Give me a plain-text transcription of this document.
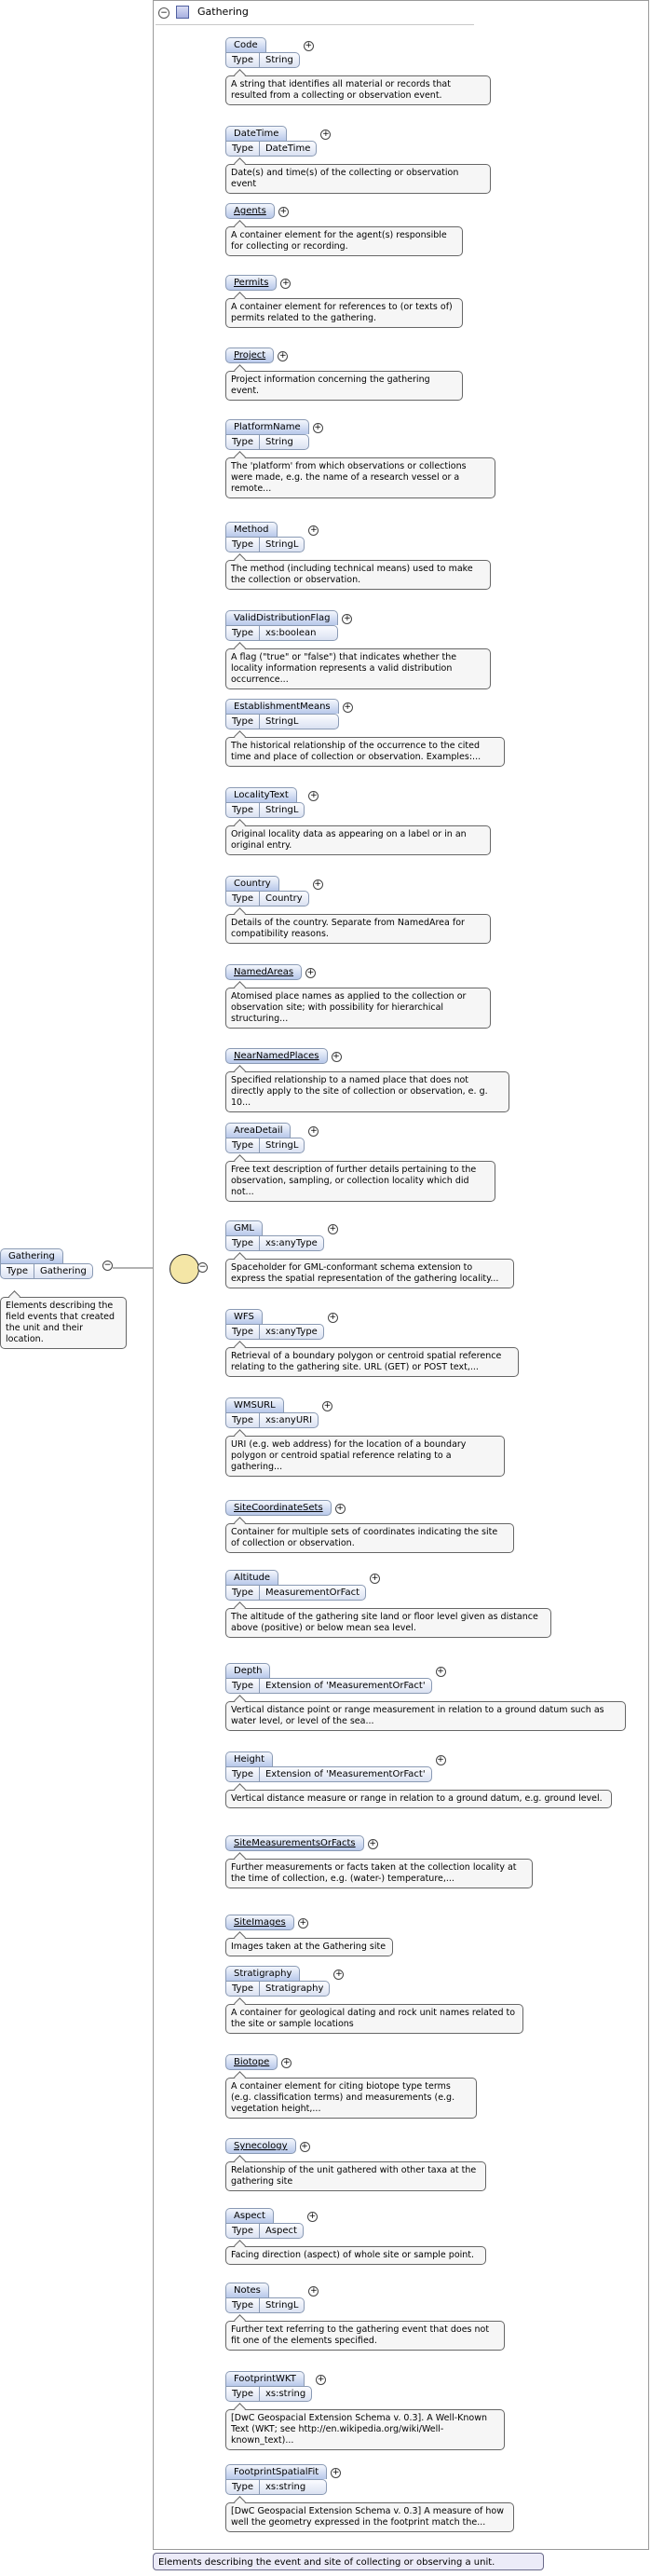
−	Gathering
Gathering
Type	Gathering
−
Elements describing the field events that created the unit and their location.
−
Code
Type	String
+
A string that identifies all material or records that resulted from a collecting or observation event.
DateTime
Type	DateTime
+
Date(s) and time(s) of the collecting or observation event
Agents	+
A container element for the agent(s) responsible for collecting or recording.
Permits	+
A container element for references to (or texts of) permits related to the gathering.
Project	+
Project information concerning the gathering event.
PlatformName
Type	String
+
The 'platform' from which observations or collections were made, e.g. the name of a research vessel or a remote...
Method
Type	StringL
+
The method (including technical means) used to make the collection or observation.
ValidDistributionFlag
Type	xs:boolean
+
A flag ("true" or "false") that indicates whether the locality information represents a valid distribution occurrence...
EstablishmentMeans
Type	StringL
+
The historical relationship of the occurrence to the cited time and place of collection or observation. Examples:...
LocalityText
Type	StringL
+
Original locality data as appearing on a label or in an original entry.
Country
Type	Country
+
Details of the country. Separate from NamedArea for compatibility reasons.
NamedAreas	+
Atomised place names as applied to the collection or observation site; with possibility for hierarchical structuring...
NearNamedPlaces	+
Specified relationship to a named place that does not directly apply to the site of collection or observation, e. g. 10...
AreaDetail
Type	StringL
+
Free text description of further details pertaining to the observation, sampling, or collection locality which did not...
GML
Type	xs:anyType
+
Spaceholder for GML-conformant schema extension to express the spatial representation of the gathering locality...
WFS
Type	xs:anyType
+
Retrieval of a boundary polygon or centroid spatial reference relating to the gathering site. URL (GET) or POST text,...
WMSURL
Type	xs:anyURI
+
URI (e.g. web address) for the location of a boundary polygon or centroid spatial reference relating to a gathering...
SiteCoordinateSets	+
Container for multiple sets of coordinates indicating the site of collection or observation.
Altitude
Type	MeasurementOrFact
+
The altitude of the gathering site land or floor level given as distance above (positive) or below mean sea level.
Depth
Type	Extension of 'MeasurementOrFact'
+
Vertical distance point or range measurement in relation to a ground datum such as water level, or level of the sea...
Height
Type	Extension of 'MeasurementOrFact'
+
Vertical distance measure or range in relation to a ground datum, e.g. ground level.
SiteMeasurementsOrFacts	+
Further measurements or facts taken at the collection locality at the time of collection, e.g. (water-) temperature,...
SiteImages	+
Images taken at the Gathering site
Stratigraphy
Type	Stratigraphy
+
A container for geological dating and rock unit names related to the site or sample locations
Biotope	+
A container element for citing biotope type terms (e.g. classification terms) and measurements (e.g. vegetation height,...
Synecology	+
Relationship of the unit gathered with other taxa at the gathering site
Aspect
Type	Aspect
+
Facing direction (aspect) of whole site or sample point.
Notes
Type	StringL
+
Further text referring to the gathering event that does not fit one of the elements specified.
FootprintWKT
Type	xs:string
+
[DwC Geospacial Extension Schema v. 0.3]. A Well-Known Text (WKT; see http://en.wikipedia.org/wiki/Well-known_text)...
FootprintSpatialFit
Type	xs:string
+
[DwC Geospacial Extension Schema v. 0.3] A measure of how well the geometry expressed in the footprint match the...
Elements describing the event and site of collecting or observing a unit.
